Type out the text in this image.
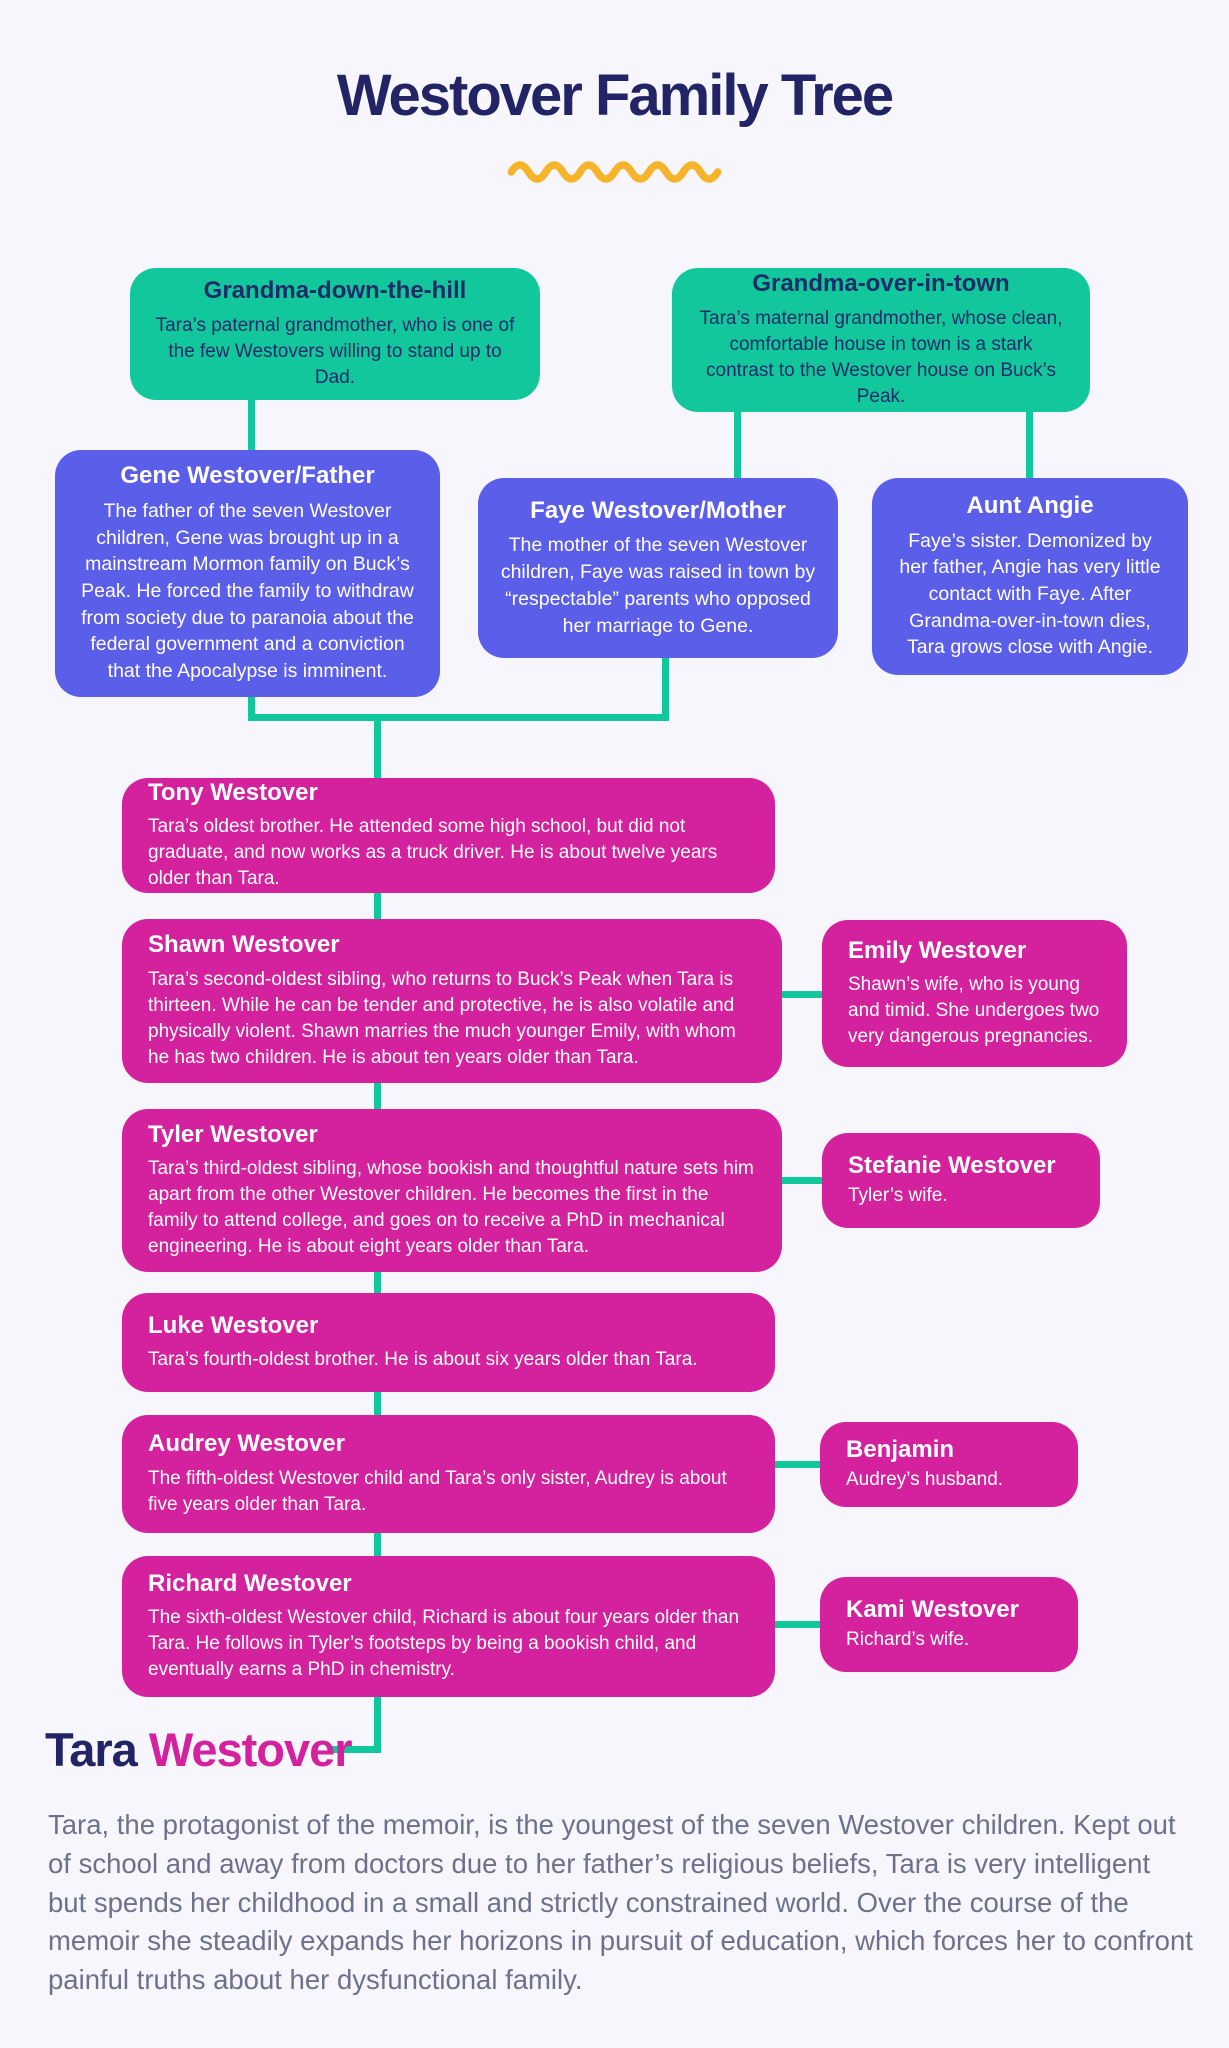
Westover Family Tree
Grandma-down-the-hill
Tara’s paternal grandmother, who is one of the few Westovers willing to stand up to Dad.
Grandma-over-in-town
Tara’s maternal grandmother, whose clean, comfortable house in town is a stark contrast to the Westover house on Buck’s Peak.
Gene Westover/Father
The father of the seven Westover children, Gene was brought up in a mainstream Mormon family on Buck’s Peak. He forced the family to withdraw from society due to paranoia about the federal government and a conviction that the Apocalypse is imminent.
Faye Westover/Mother
The mother of the seven Westover children, Faye was raised in town by “respectable” parents who opposed her marriage to Gene.
Aunt Angie
Faye’s sister. Demonized by her father, Angie has very little contact with Faye. After Grandma-over-in-town dies, Tara grows close with Angie.
Tony Westover
Tara’s oldest brother. He attended some high school, but did not graduate, and now works as a truck driver. He is about twelve years older than Tara.
Shawn Westover
Tara’s second-oldest sibling, who returns to Buck’s Peak when Tara is thirteen. While he can be tender and protective, he is also volatile and physically violent. Shawn marries the much younger Emily, with whom he has two children. He is about ten years older than Tara.
Emily Westover
Shawn’s wife, who is young and timid. She undergoes two very dangerous pregnancies.
Tyler Westover
Tara’s third-oldest sibling, whose bookish and thoughtful nature sets him apart from the other Westover children. He becomes the first in the family to attend college, and goes on to receive a PhD in mechanical engineering. He is about eight years older than Tara.
Stefanie Westover
Tyler’s wife.
Luke Westover
Tara’s fourth-oldest brother. He is about six years older than Tara.
Audrey Westover
The fifth-oldest Westover child and Tara’s only sister, Audrey is about five years older than Tara.
Benjamin
Audrey’s husband.
Richard Westover
The sixth-oldest Westover child, Richard is about four years older than Tara. He follows in Tyler’s footsteps by being a bookish child, and eventually earns a PhD in chemistry.
Kami Westover
Richard’s wife.
Tara Westover
Tara, the protagonist of the memoir, is the youngest of the seven Westover children. Kept out of school and away from doctors due to her father’s religious beliefs, Tara is very intelligent but spends her childhood in a small and strictly constrained world. Over the course of the memoir she steadily expands her horizons in pursuit of education, which forces her to confront painful truths about her dysfunctional family.
